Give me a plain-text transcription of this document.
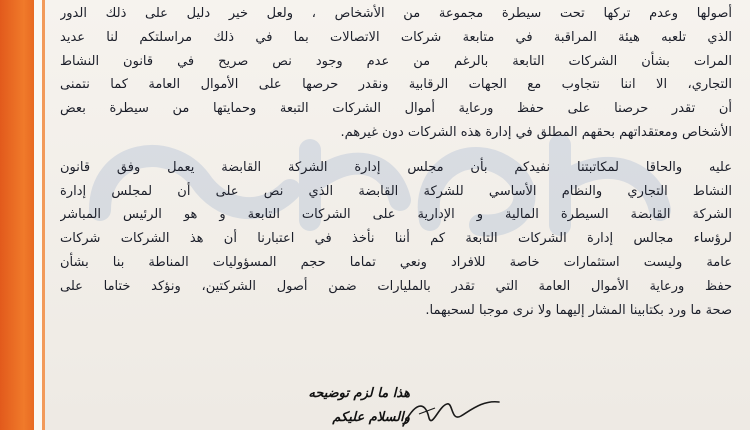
أصولها وعدم تركها تحت سيطرة مجموعة من الأشخاص ، ولعل خير دليل على ذلك الدور
الذي تلعبه هيئة المراقبة في متابعة شركات الاتصالات بما في ذلك مراسلتكم لنا عديد
المرات بشأن الشركات التابعة بالرغم من عدم وجود نص صريح في قانون النشاط
التجاري، الا اننا نتجاوب مع الجهات الرقابية ونقدر حرصها على الأموال العامة كما نتمنى
أن تقدر حرصنا على حفظ ورعاية أموال الشركات التبعة وحمايتها من سيطرة بعض
الأشخاص ومعتقداتهم بحقهم المطلق في إدارة هذه الشركات دون غيرهم.

عليه والحاقا لمكاتبتنا نفيدكم بأن مجلس إدارة الشركة القابضة يعمل وفق قانون
النشاط التجاري والنظام الأساسي للشركة القابضة الذي نص على أن لمجلس إدارة
الشركة القابضة السيطرة المالية و الإدارية على الشركات التابعة و هو الرئيس المباشر
لرؤساء مجالس إدارة الشركات التابعة كم أننا نأخذ في اعتبارنا أن هذ الشركات شركات
عامة وليست استثمارات خاصة للافراد ونعي تماما حجم المسؤوليات المناطة بنا بشأن
حفظ ورعاية الأموال العامة التي تقدر بالمليارات ضمن أصول الشركتين، ونؤكد ختاما على
صحة ما ورد بكتابينا المشار إليهما ولا نرى موجبا لسحبهما.

هذا ما لزم توضيحه
والسلام عليكم
